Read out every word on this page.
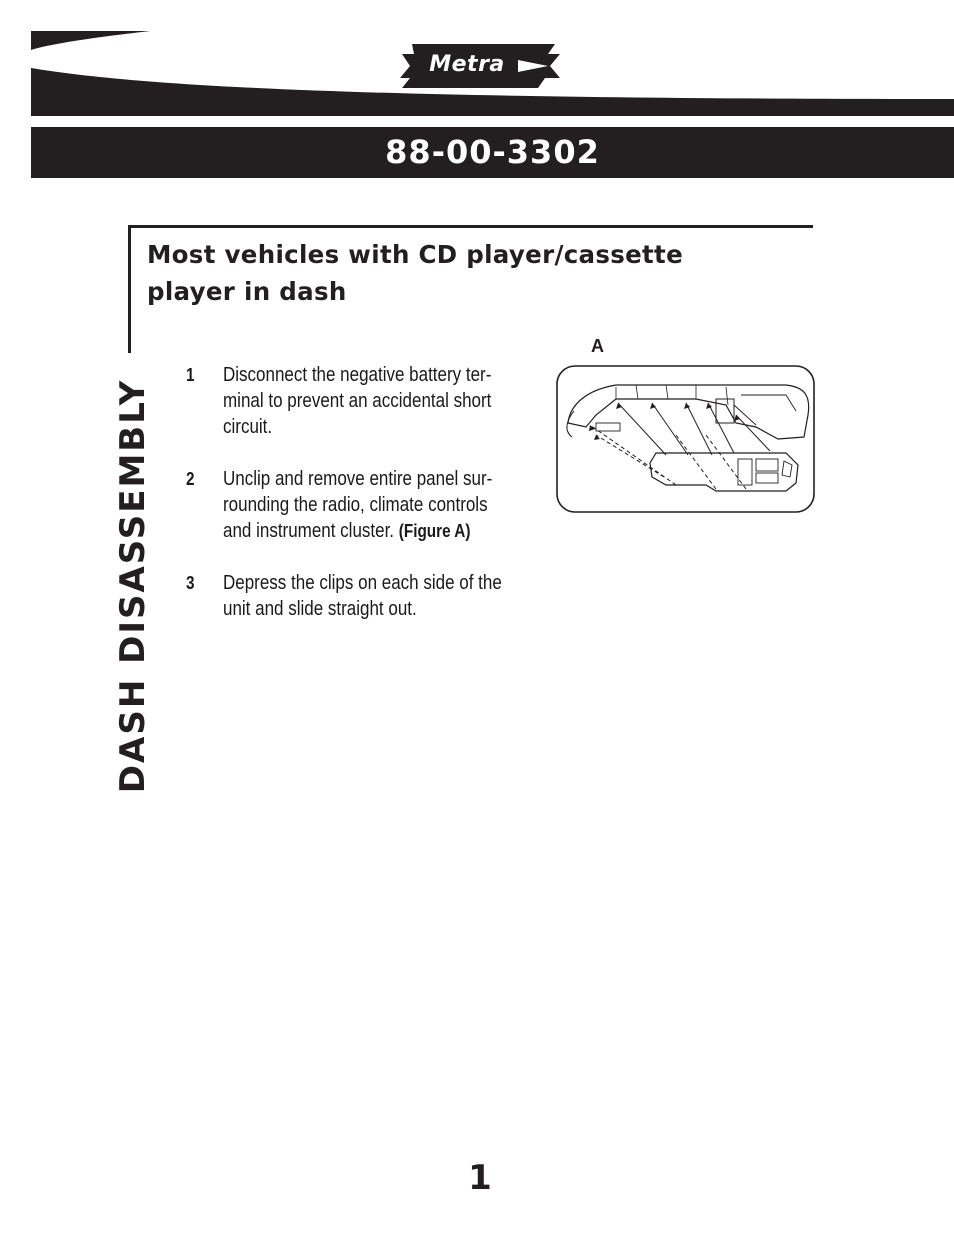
Metra
88-00-3302
Most vehicles with CD player/cassette
player in dash
DASH DISASSEMBLY
1	Disconnect the negative battery ter-
minal to prevent an accidental short
circuit.
2	Unclip and remove entire panel sur-
rounding the radio, climate controls
and instrument cluster. (Figure A)
3	Depress the clips on each side of the
unit and slide straight out.
A
1
